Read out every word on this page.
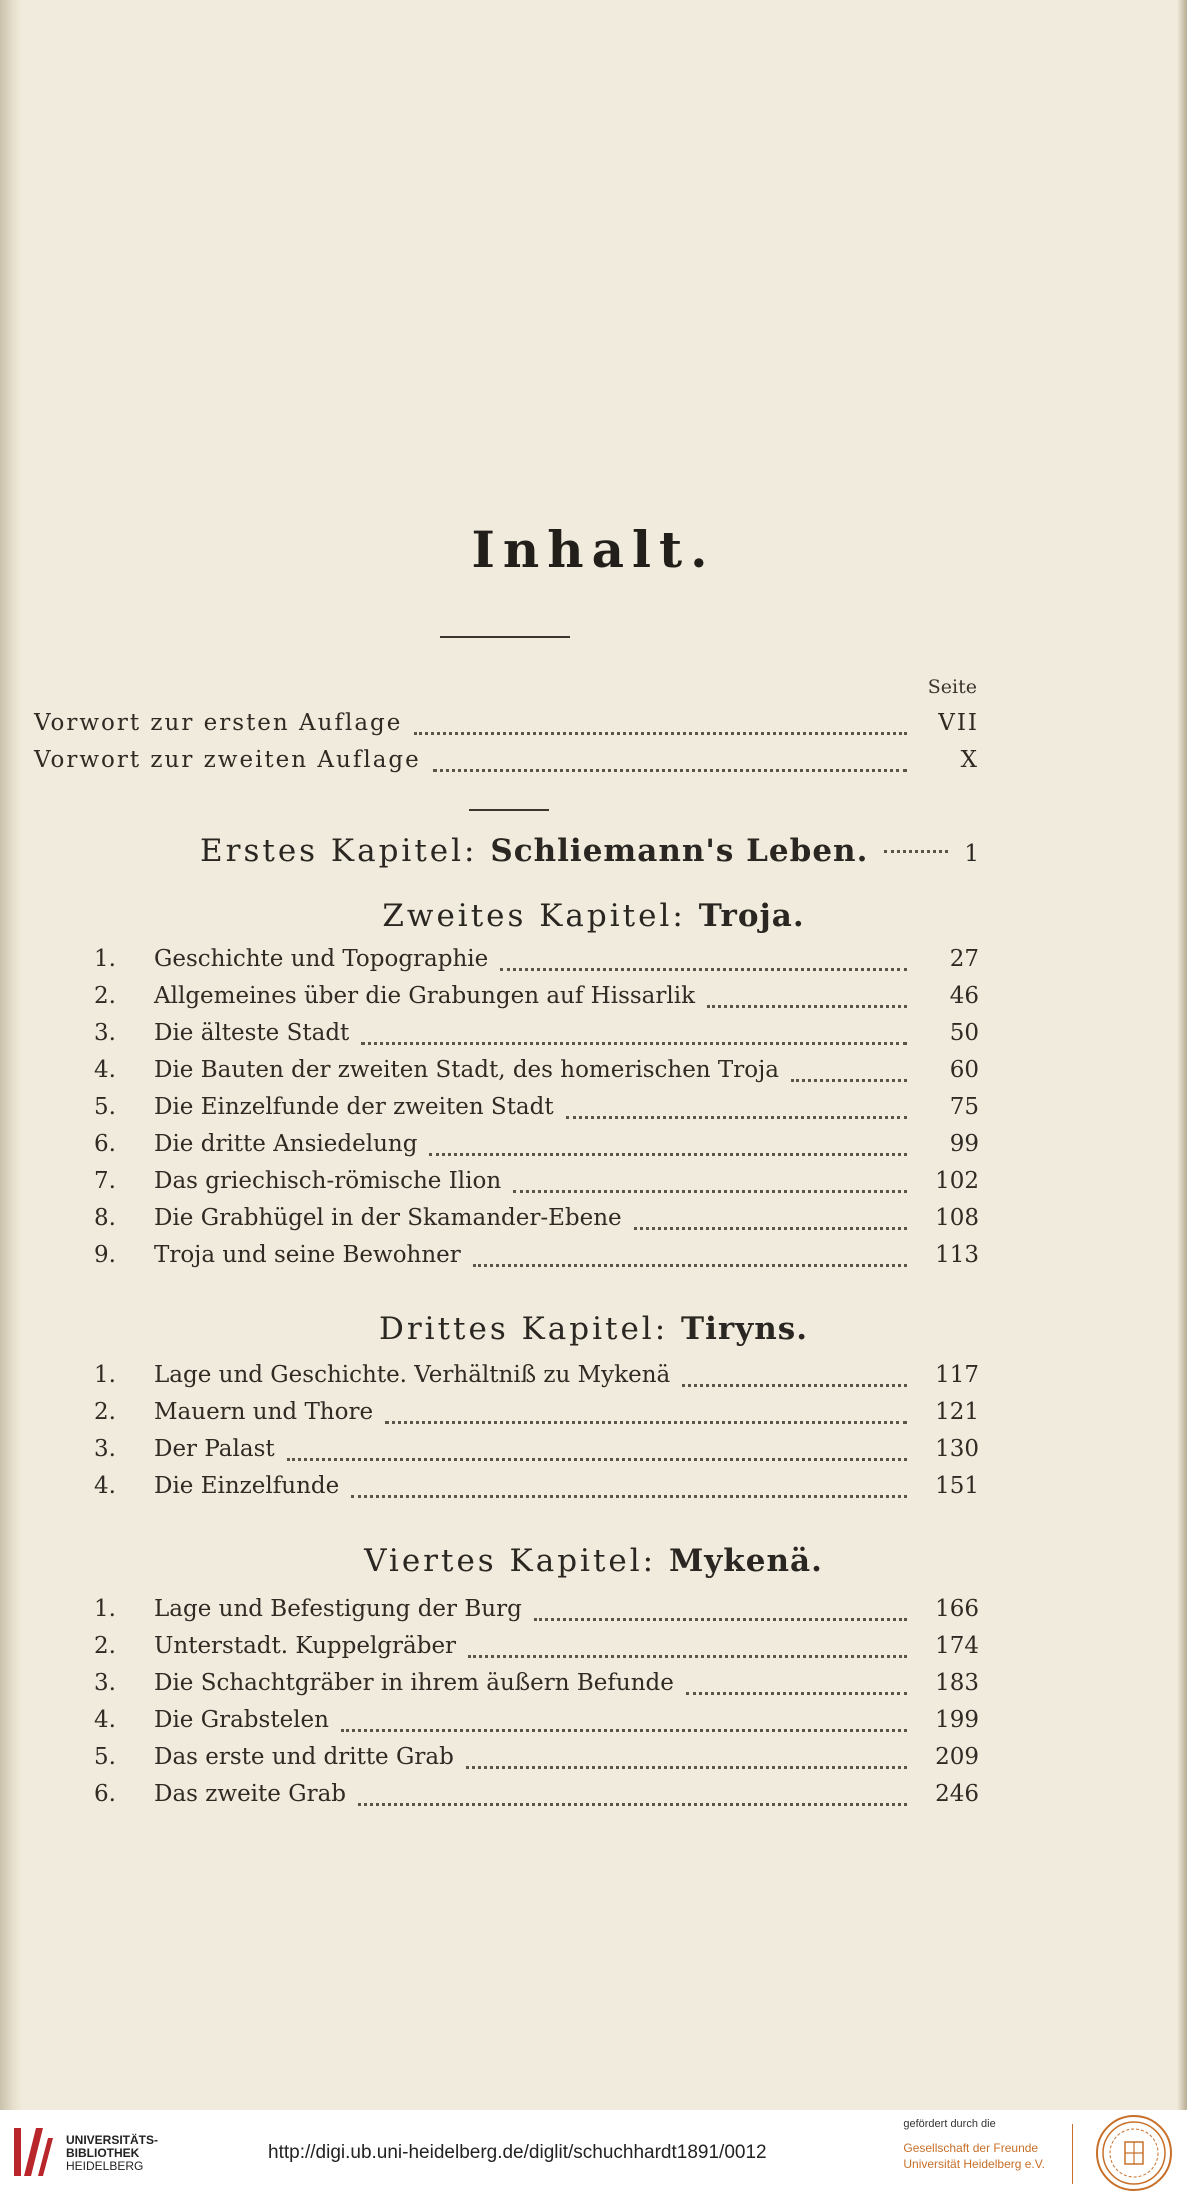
Inhalt.
Seite
Vorwort zur ersten Auflage	VII
Vorwort zur zweiten Auflage	X
Erstes Kapitel:
Schliemann's Leben.	1
Zweites Kapitel: Troja.
1.	Geschichte und Topographie	27
2.	Allgemeines über die Grabungen auf Hissarlik	46
3.	Die älteste Stadt	50
4.	Die Bauten der zweiten Stadt, des homerischen Troja	60
5.	Die Einzelfunde der zweiten Stadt	75
6.	Die dritte Ansiedelung	99
7.	Das griechisch-römische Ilion	102
8.	Die Grabhügel in der Skamander-Ebene	108
9.	Troja und seine Bewohner	113
Drittes Kapitel: Tiryns.
1.	Lage und Geschichte. Verhältniß zu Mykenä	117
2.	Mauern und Thore	121
3.	Der Palast	130
4.	Die Einzelfunde	151
Viertes Kapitel: Mykenä.
1.	Lage und Befestigung der Burg	166
2.	Unterstadt. Kuppelgräber	174
3.	Die Schachtgräber in ihrem äußern Befunde	183
4.	Die Grabstelen	199
5.	Das erste und dritte Grab	209
6.	Das zweite Grab	246
UNIVERSITÄTS-
BIBLIOTHEK
HEIDELBERG
http://digi.ub.uni-heidelberg.de/diglit/schuchhardt1891/0012
gefördert durch die
Gesellschaft der Freunde
Universität Heidelberg e.V.
